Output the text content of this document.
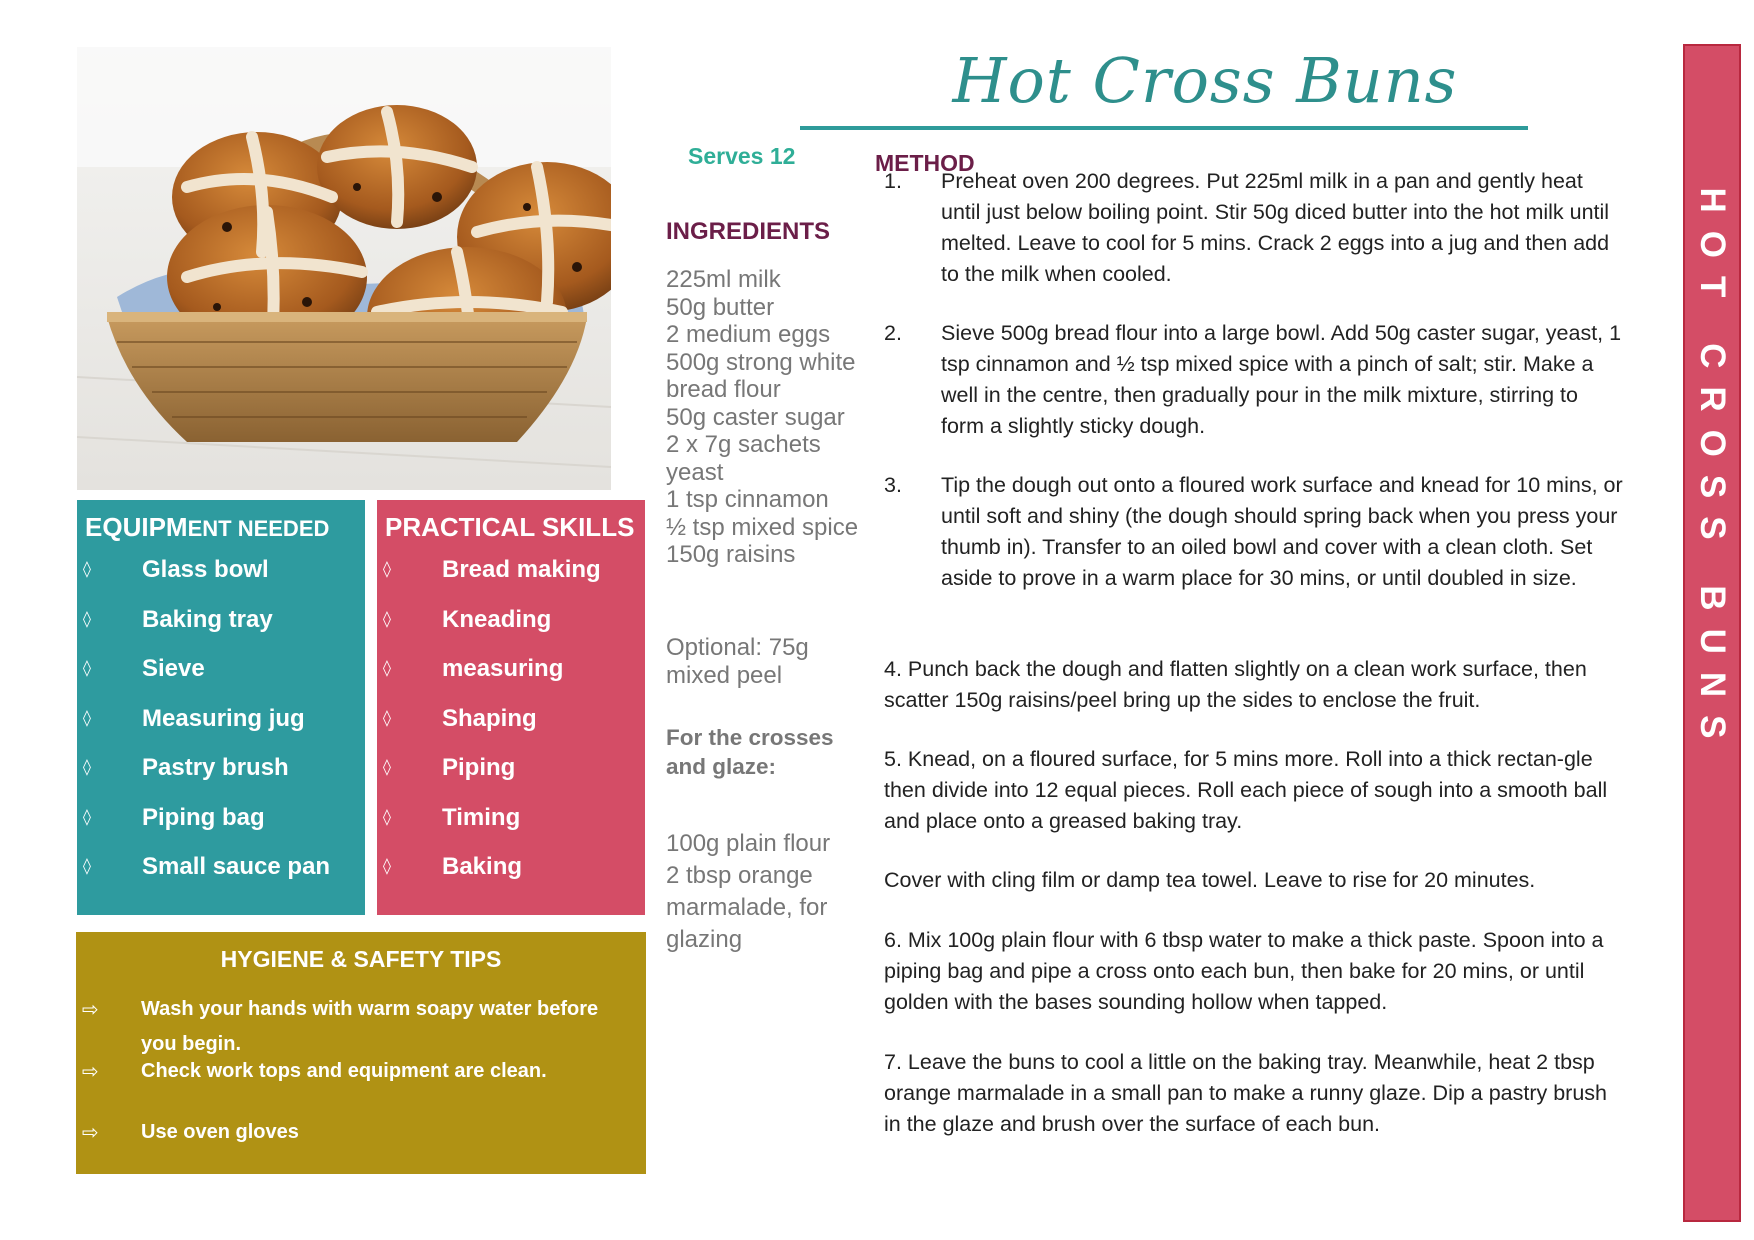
Hot Cross Buns
Serves 12
INGREDIENTS
225ml milk
50g butter
2 medium eggs
500g strong white bread flour
50g caster sugar
2 x 7g sachets yeast
1 tsp cinnamon
½ tsp mixed spice
150g raisins
Optional: 75g mixed peel
For the crosses and glaze:
100g plain flour
2 tbsp orange marmalade, for glazing
METHOD
1.	Preheat oven 200 degrees. Put 225ml milk in a pan and gently heat until just below boiling point. Stir 50g diced butter into the hot milk until melted. Leave to cool for 5 mins. Crack 2 eggs into a jug and then add to the milk when cooled.
2.	Sieve 500g bread flour into a large bowl. Add 50g caster sugar, yeast, 1 tsp cinnamon and ½ tsp mixed spice with a pinch of salt; stir. Make a well in the centre, then gradually pour in the milk mixture, stirring to form a slightly sticky dough.
3.	Tip the dough out onto a floured work surface and knead for 10 mins, or until soft and shiny (the dough should spring back when you press your thumb in). Transfer to an oiled bowl and cover with a clean cloth. Set aside to prove in a warm place for 30 mins, or until doubled in size.
4. Punch back the dough and flatten slightly on a clean work surface, then scatter 150g raisins/peel bring up the sides to enclose the fruit.
5. Knead, on a floured surface, for 5 mins more. Roll into a thick rectan-gle then divide into 12 equal pieces. Roll each piece of sough into a smooth ball and place onto a greased baking tray.
Cover with cling film or damp tea towel. Leave to rise for 20 minutes.
6. Mix 100g plain flour with 6 tbsp water to make a thick paste. Spoon into a piping bag and pipe a cross onto each bun, then bake for 20 mins, or until golden with the bases sounding hollow when tapped.
7. Leave the buns to cool a little on the baking tray. Meanwhile, heat 2 tbsp orange marmalade in a small pan to make a runny glaze. Dip a pastry brush in the glaze and brush over the surface of each bun.
EQUIPMENT NEEDED
◊ Glass bowl
◊ Baking tray
◊ Sieve
◊ Measuring jug
◊ Pastry brush
◊ Piping bag
◊ Small sauce pan
PRACTICAL SKILLS
◊ Bread making
◊ Kneading
◊ measuring
◊ Shaping
◊ Piping
◊ Timing
◊ Baking
HYGIENE & SAFETY TIPS
⇨ Wash your hands with warm soapy water before you begin.
⇨ Check work tops and equipment are clean.
⇨ Use oven gloves
HOT CROSS BUNS
